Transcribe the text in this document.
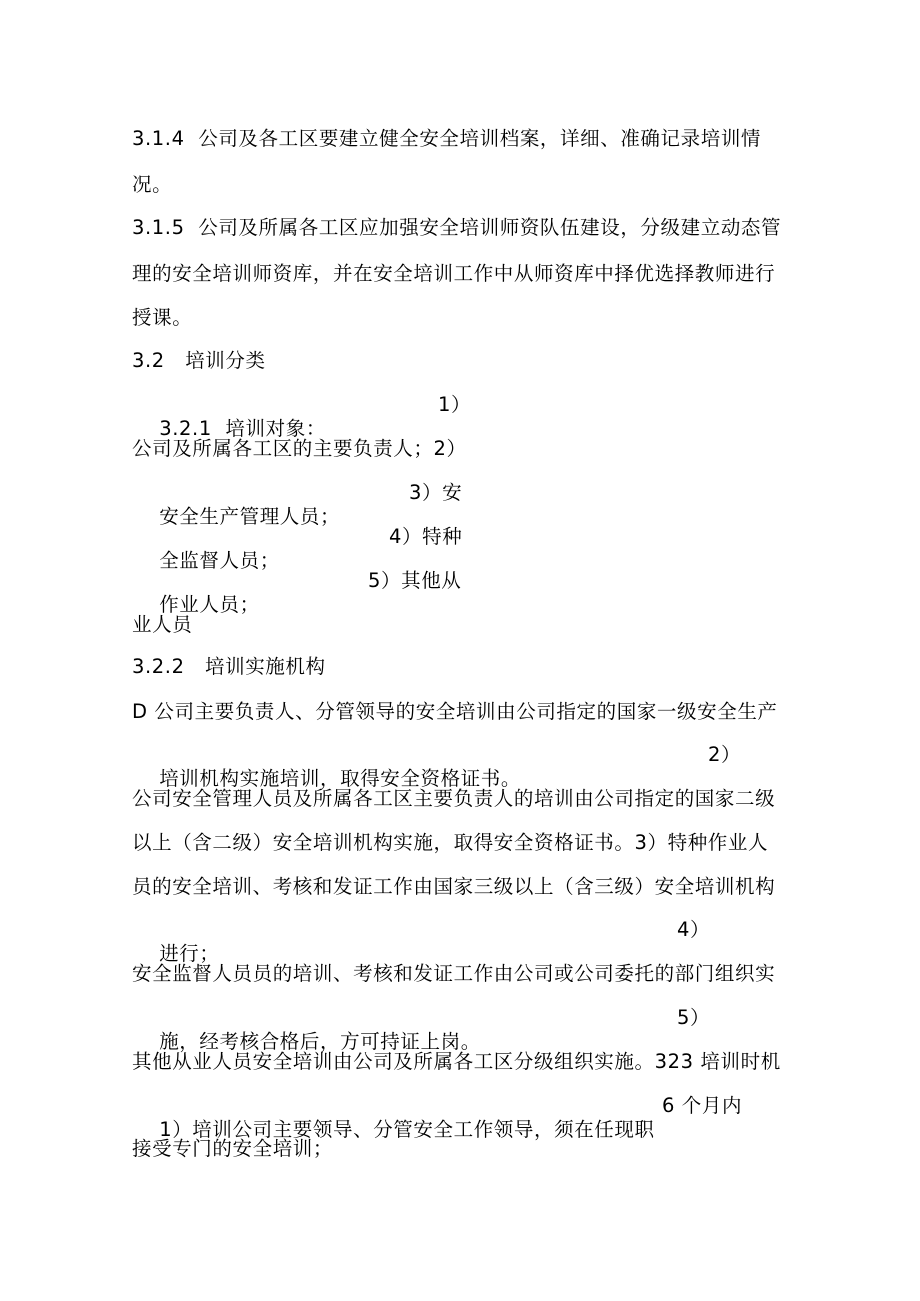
3.1.4  公司及各工区要建立健全安全培训档案，详细、准确记录培训情
况。
3.1.5  公司及所属各工区应加强安全培训师资队伍建设，分级建立动态管
理的安全培训师资库，并在安全培训工作中从师资库中择优选择教师进行
授课。
3.2   培训分类

3.2.1  培训对象：

1）

公司及所属各工区的主要负责人；2）

安全生产管理人员；

3）安

全监督人员；

4）特种

作业人员；

5）其他从

业人员
3.2.2   培训实施机构
D 公司主要负责人、分管领导的安全培训由公司指定的国家一级安全生产

培训机构实施培训，取得安全资格证书。

2）

公司安全管理人员及所属各工区主要负责人的培训由公司指定的国家二级
以上（含二级）安全培训机构实施，取得安全资格证书。3）特种作业人
员的安全培训、考核和发证工作由国家三级以上（含三级）安全培训机构

进行；

4）

安全监督人员员的培训、考核和发证工作由公司或公司委托的部门组织实

施，经考核合格后，方可持证上岗。

5）

其他从业人员安全培训由公司及所属各工区分级组织实施。323 培训时机

1）培训公司主要领导、分管安全工作领导，须在任现职

6 个月内

接受专门的安全培训；
